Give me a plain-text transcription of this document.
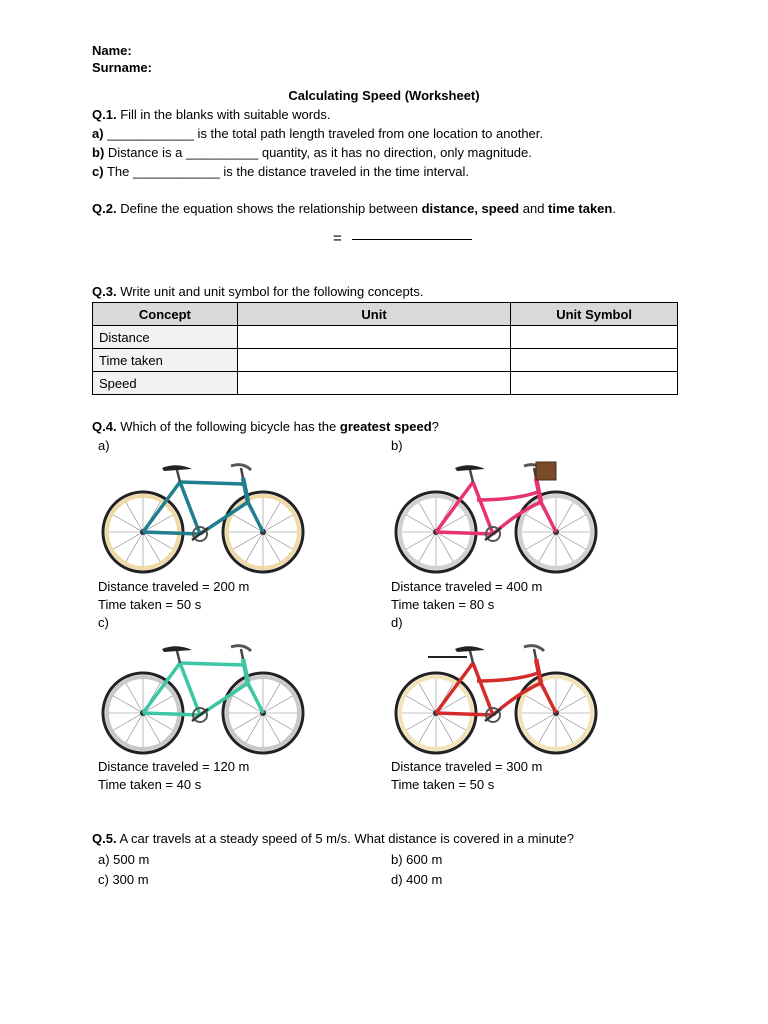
Name:
Surname:
Calculating Speed (Worksheet)
Q.1. Fill in the blanks with suitable words.
a) ____________ is the total path length traveled from one location to another.
b) Distance is a __________ quantity, as it has no direction, only magnitude.
c) The ____________ is the distance traveled in the time interval.
Q.2. Define the equation shows the relationship between distance, speed and time taken.
=
Q.3. Write unit and unit symbol for the following concepts.
Concept	Unit	Unit Symbol
Distance		
Time taken		
Speed		
Q.4. Which of the following bicycle has the greatest speed?
a)
Distance traveled = 200 m
Time taken = 50 s
b)
Distance traveled = 400 m
Time taken = 80 s
c)
Distance traveled = 120 m
Time taken = 40 s
d)
Distance traveled = 300 m
Time taken = 50 s
Q.5. A car travels at a steady speed of 5 m/s. What distance is covered in a minute?
a) 500 m	b) 600 m
c) 300 m	d) 400 m
